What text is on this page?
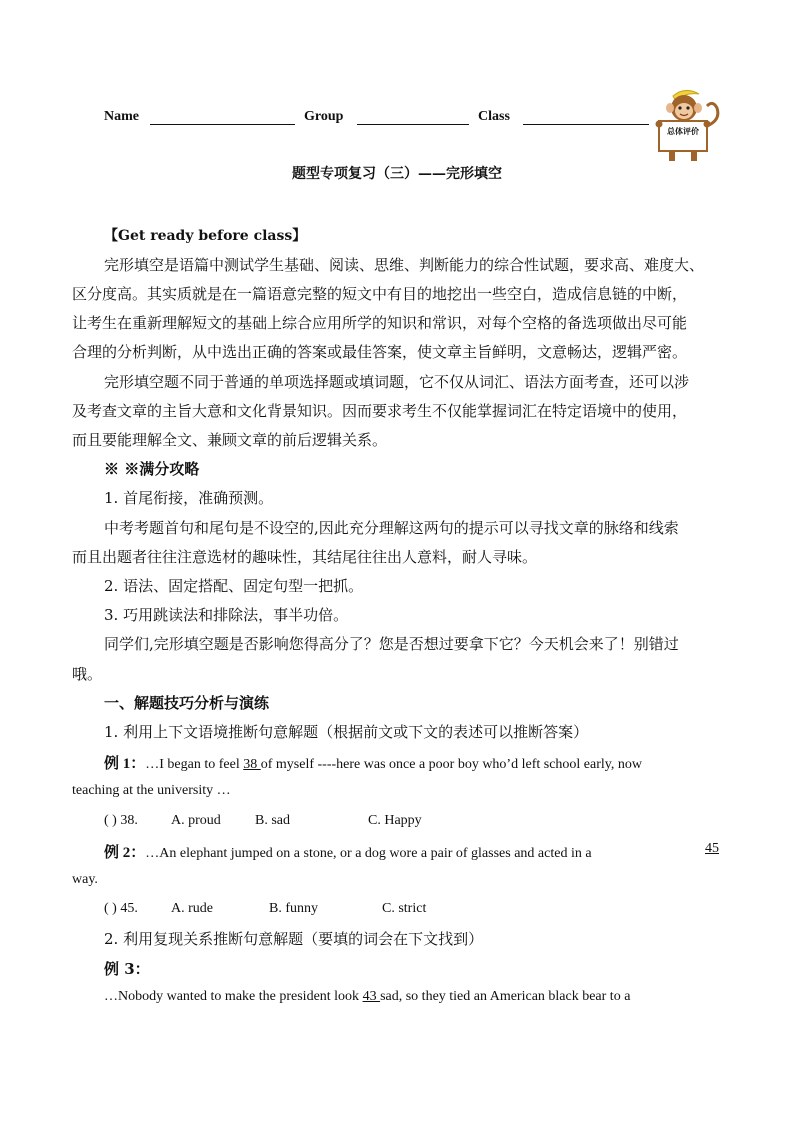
Name	Group	Class
总体评价
题型专项复习（三）——完形填空
【Get ready before class】
完形填空是语篇中测试学生基础、阅读、思维、判断能力的综合性试题，要求高、难度大、
区分度高。其实质就是在一篇语意完整的短文中有目的地挖出一些空白，造成信息链的中断，
让考生在重新理解短文的基础上综合应用所学的知识和常识，对每个空格的备选项做出尽可能
合理的分析判断，从中选出正确的答案或最佳答案，使文章主旨鲜明，文意畅达，逻辑严密。
完形填空题不同于普通的单项选择题或填词题，它不仅从词汇、语法方面考查，还可以涉
及考查文章的主旨大意和文化背景知识。因而要求考生不仅能掌握词汇在特定语境中的使用，
而且要能理解全文、兼顾文章的前后逻辑关系。
※ ※满分攻略
1. 首尾衔接，准确预测。
中考考题首句和尾句是不设空的,因此充分理解这两句的提示可以寻找文章的脉络和线索
而且出题者往往注意选材的趣味性，其结尾往往出人意料，耐人寻味。
2. 语法、固定搭配、固定句型一把抓。
3. 巧用跳读法和排除法，事半功倍。
同学们,完形填空题是否影响您得高分了？您是否想过要拿下它？今天机会来了！别错过
哦。
一、解题技巧分析与演练
1. 利用上下文语境推断句意解题（根据前文或下文的表述可以推断答案）
例 1：…I began to feel 38 of myself ----here was once a poor boy who’d left school early, now
teaching at the university …
( ) 38. A. proud B. sad	C. Happy
例 2：…An elephant jumped on a stone, or a dog wore a pair of glasses and acted in a	45
way.
( ) 45. A. rude	B. funny	C. strict
2. 利用复现关系推断句意解题（要填的词会在下文找到）
例 3：
…Nobody wanted to make the president look 43 sad, so they tied an American black bear to a
